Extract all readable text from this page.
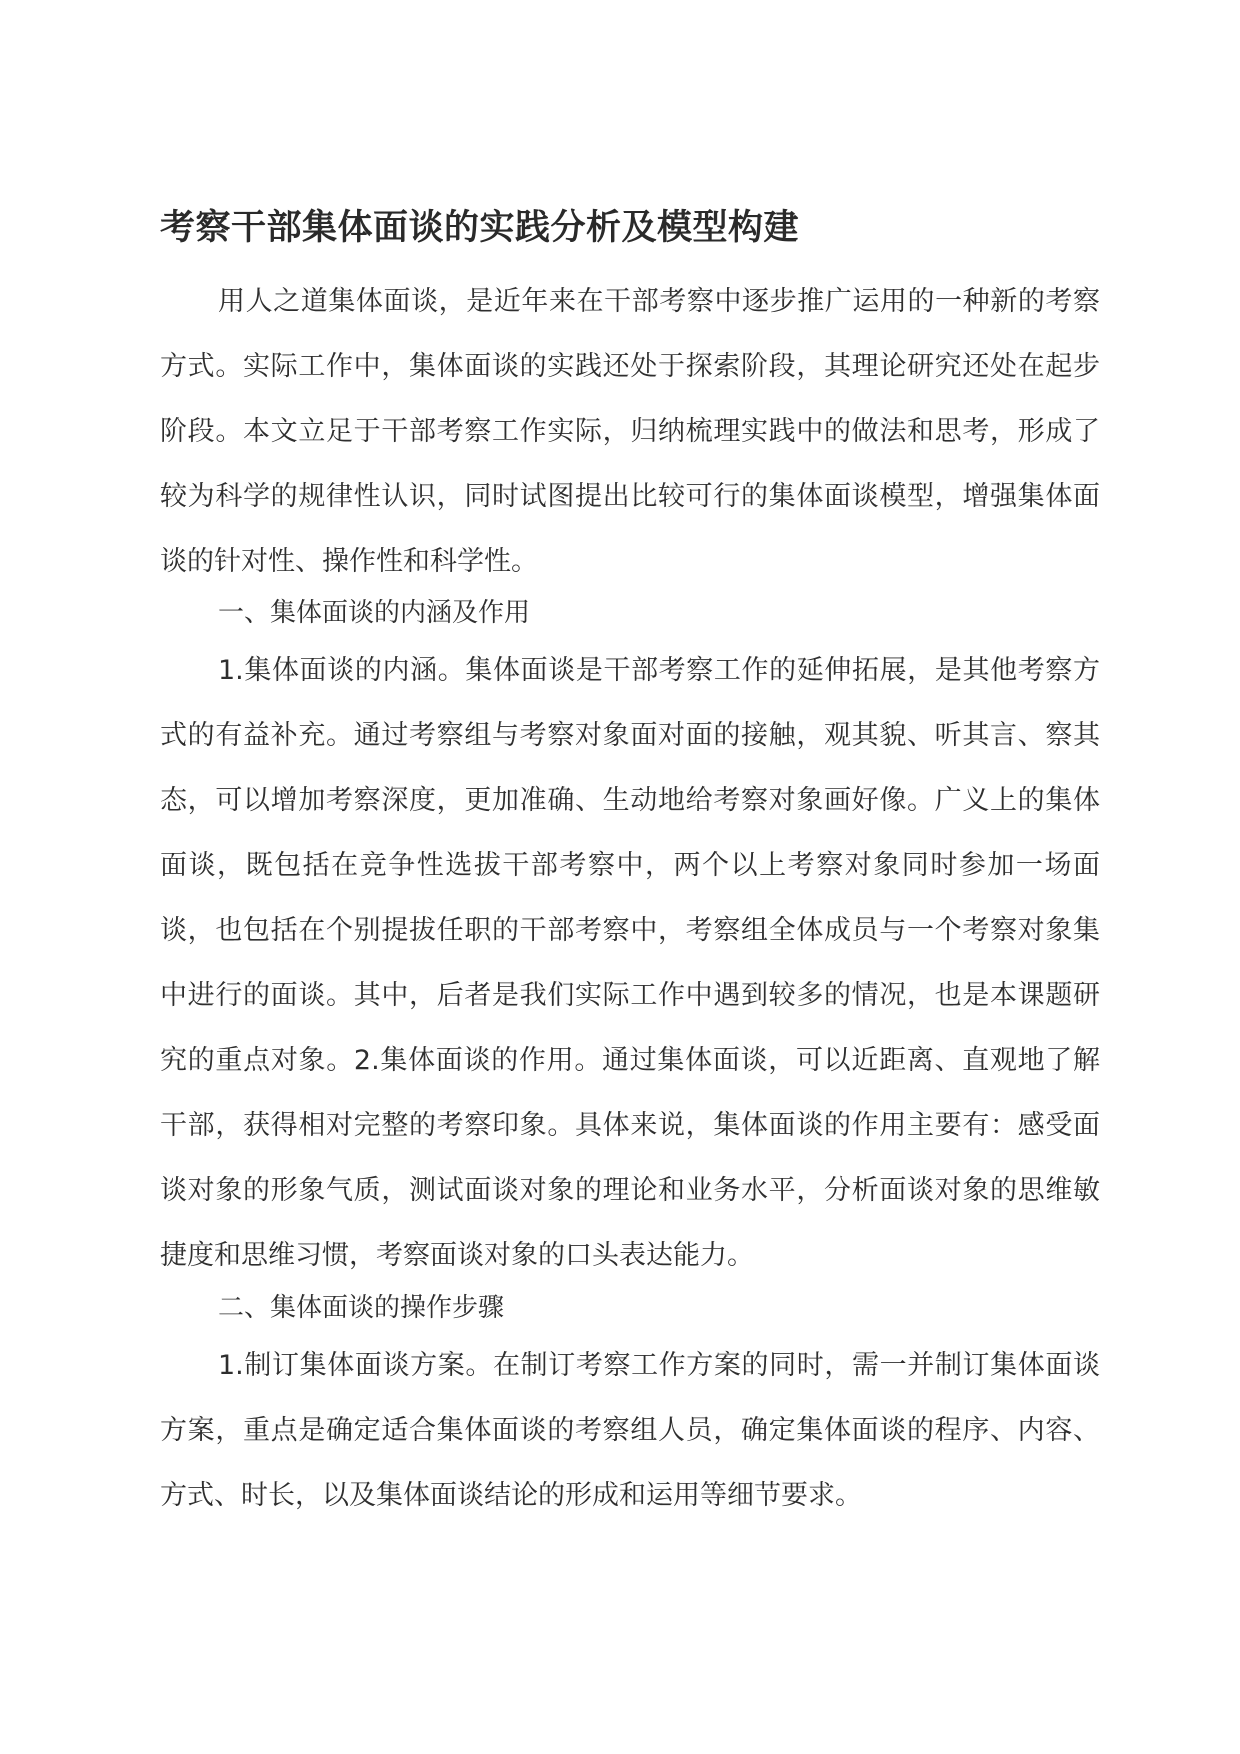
考察干部集体面谈的实践分析及模型构建

用人之道集体面谈，是近年来在干部考察中逐步推广运用的一种新的考察方式。实际工作中，集体面谈的实践还处于探索阶段，其理论研究还处在起步阶段。本文立足于干部考察工作实际，归纳梳理实践中的做法和思考，形成了较为科学的规律性认识，同时试图提出比较可行的集体面谈模型，增强集体面谈的针对性、操作性和科学性。

一、集体面谈的内涵及作用

1.集体面谈的内涵。集体面谈是干部考察工作的延伸拓展，是其他考察方式的有益补充。通过考察组与考察对象面对面的接触，观其貌、听其言、察其态，可以增加考察深度，更加准确、生动地给考察对象画好像。广义上的集体面谈，既包括在竞争性选拔干部考察中，两个以上考察对象同时参加一场面谈，也包括在个别提拔任职的干部考察中，考察组全体成员与一个考察对象集中进行的面谈。其中，后者是我们实际工作中遇到较多的情况，也是本课题研究的重点对象。2.集体面谈的作用。通过集体面谈，可以近距离、直观地了解干部，获得相对完整的考察印象。具体来说，集体面谈的作用主要有：感受面谈对象的形象气质，测试面谈对象的理论和业务水平，分析面谈对象的思维敏捷度和思维习惯，考察面谈对象的口头表达能力。

二、集体面谈的操作步骤

1.制订集体面谈方案。在制订考察工作方案的同时，需一并制订集体面谈方案，重点是确定适合集体面谈的考察组人员，确定集体面谈的程序、内容、方式、时长，以及集体面谈结论的形成和运用等细节要求。
